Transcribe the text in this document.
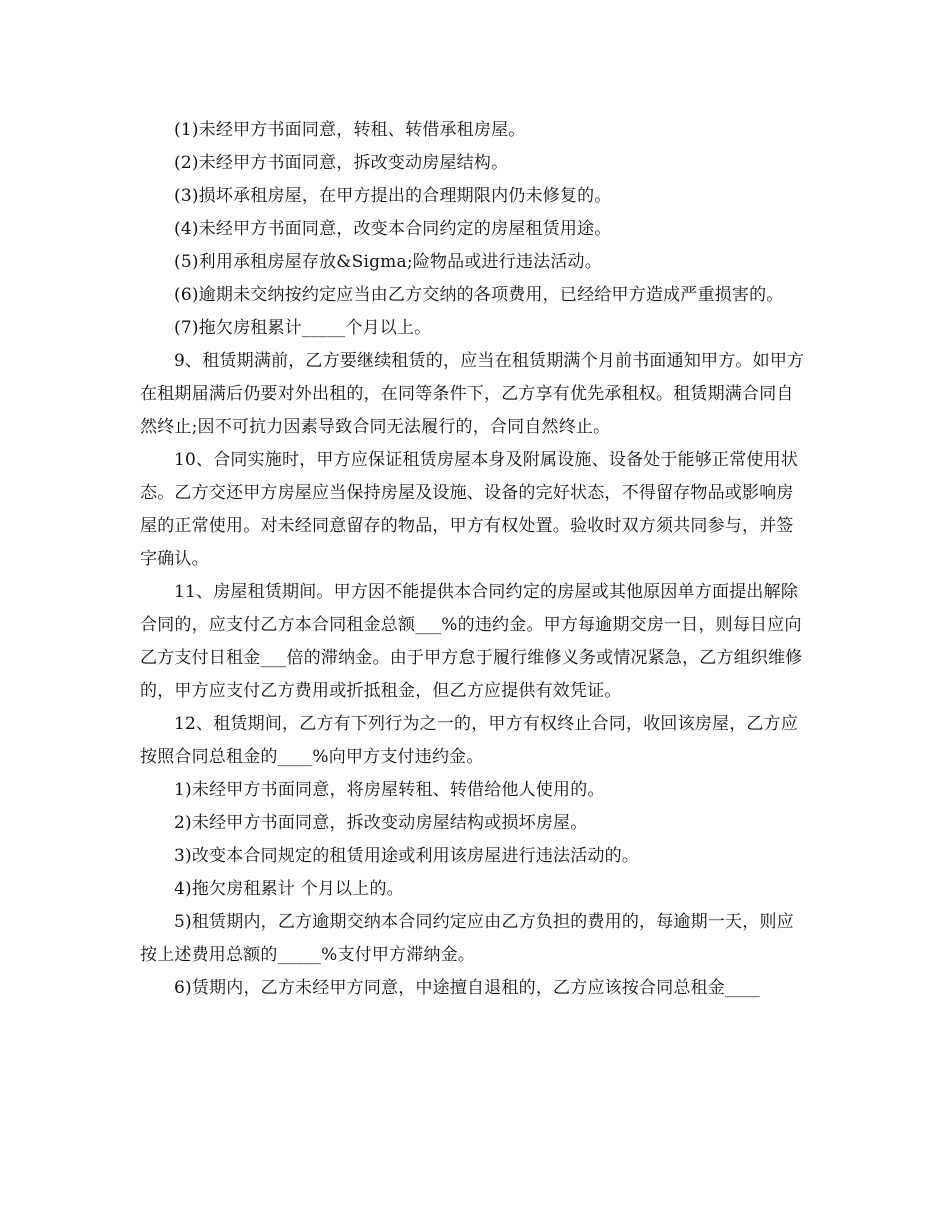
(1)未经甲方书面同意，转租、转借承租房屋。

(2)未经甲方书面同意，拆改变动房屋结构。

(3)损坏承租房屋，在甲方提出的合理期限内仍未修复的。

(4)未经甲方书面同意，改变本合同约定的房屋租赁用途。

(5)利用承租房屋存放&Sigma;险物品或进行违法活动。

(6)逾期未交纳按约定应当由乙方交纳的各项费用，已经给甲方造成严重损害的。

(7)拖欠房租累计_____个月以上。

9、租赁期满前，乙方要继续租赁的，应当在租赁期满个月前书面通知甲方。如甲方在租期届满后仍要对外出租的，在同等条件下，乙方享有优先承租权。租赁期满合同自然终止;因不可抗力因素导致合同无法履行的，合同自然终止。

10、合同实施时，甲方应保证租赁房屋本身及附属设施、设备处于能够正常使用状态。乙方交还甲方房屋应当保持房屋及设施、设备的完好状态，不得留存物品或影响房屋的正常使用。对未经同意留存的物品，甲方有权处置。验收时双方须共同参与，并签字确认。

11、房屋租赁期间。甲方因不能提供本合同约定的房屋或其他原因单方面提出解除合同的，应支付乙方本合同租金总额___%的违约金。甲方每逾期交房一日，则每日应向乙方支付日租金___倍的滞纳金。由于甲方怠于履行维修义务或情况紧急，乙方组织维修的，甲方应支付乙方费用或折抵租金，但乙方应提供有效凭证。

12、租赁期间，乙方有下列行为之一的，甲方有权终止合同，收回该房屋，乙方应按照合同总租金的____%向甲方支付违约金。

1)未经甲方书面同意，将房屋转租、转借给他人使用的。

2)未经甲方书面同意，拆改变动房屋结构或损坏房屋。

3)改变本合同规定的租赁用途或利用该房屋进行违法活动的。

4)拖欠房租累计 个月以上的。

5)租赁期内，乙方逾期交纳本合同约定应由乙方负担的费用的，每逾期一天，则应按上述费用总额的_____%支付甲方滞纳金。

6)赁期内，乙方未经甲方同意，中途擅自退租的，乙方应该按合同总租金____
